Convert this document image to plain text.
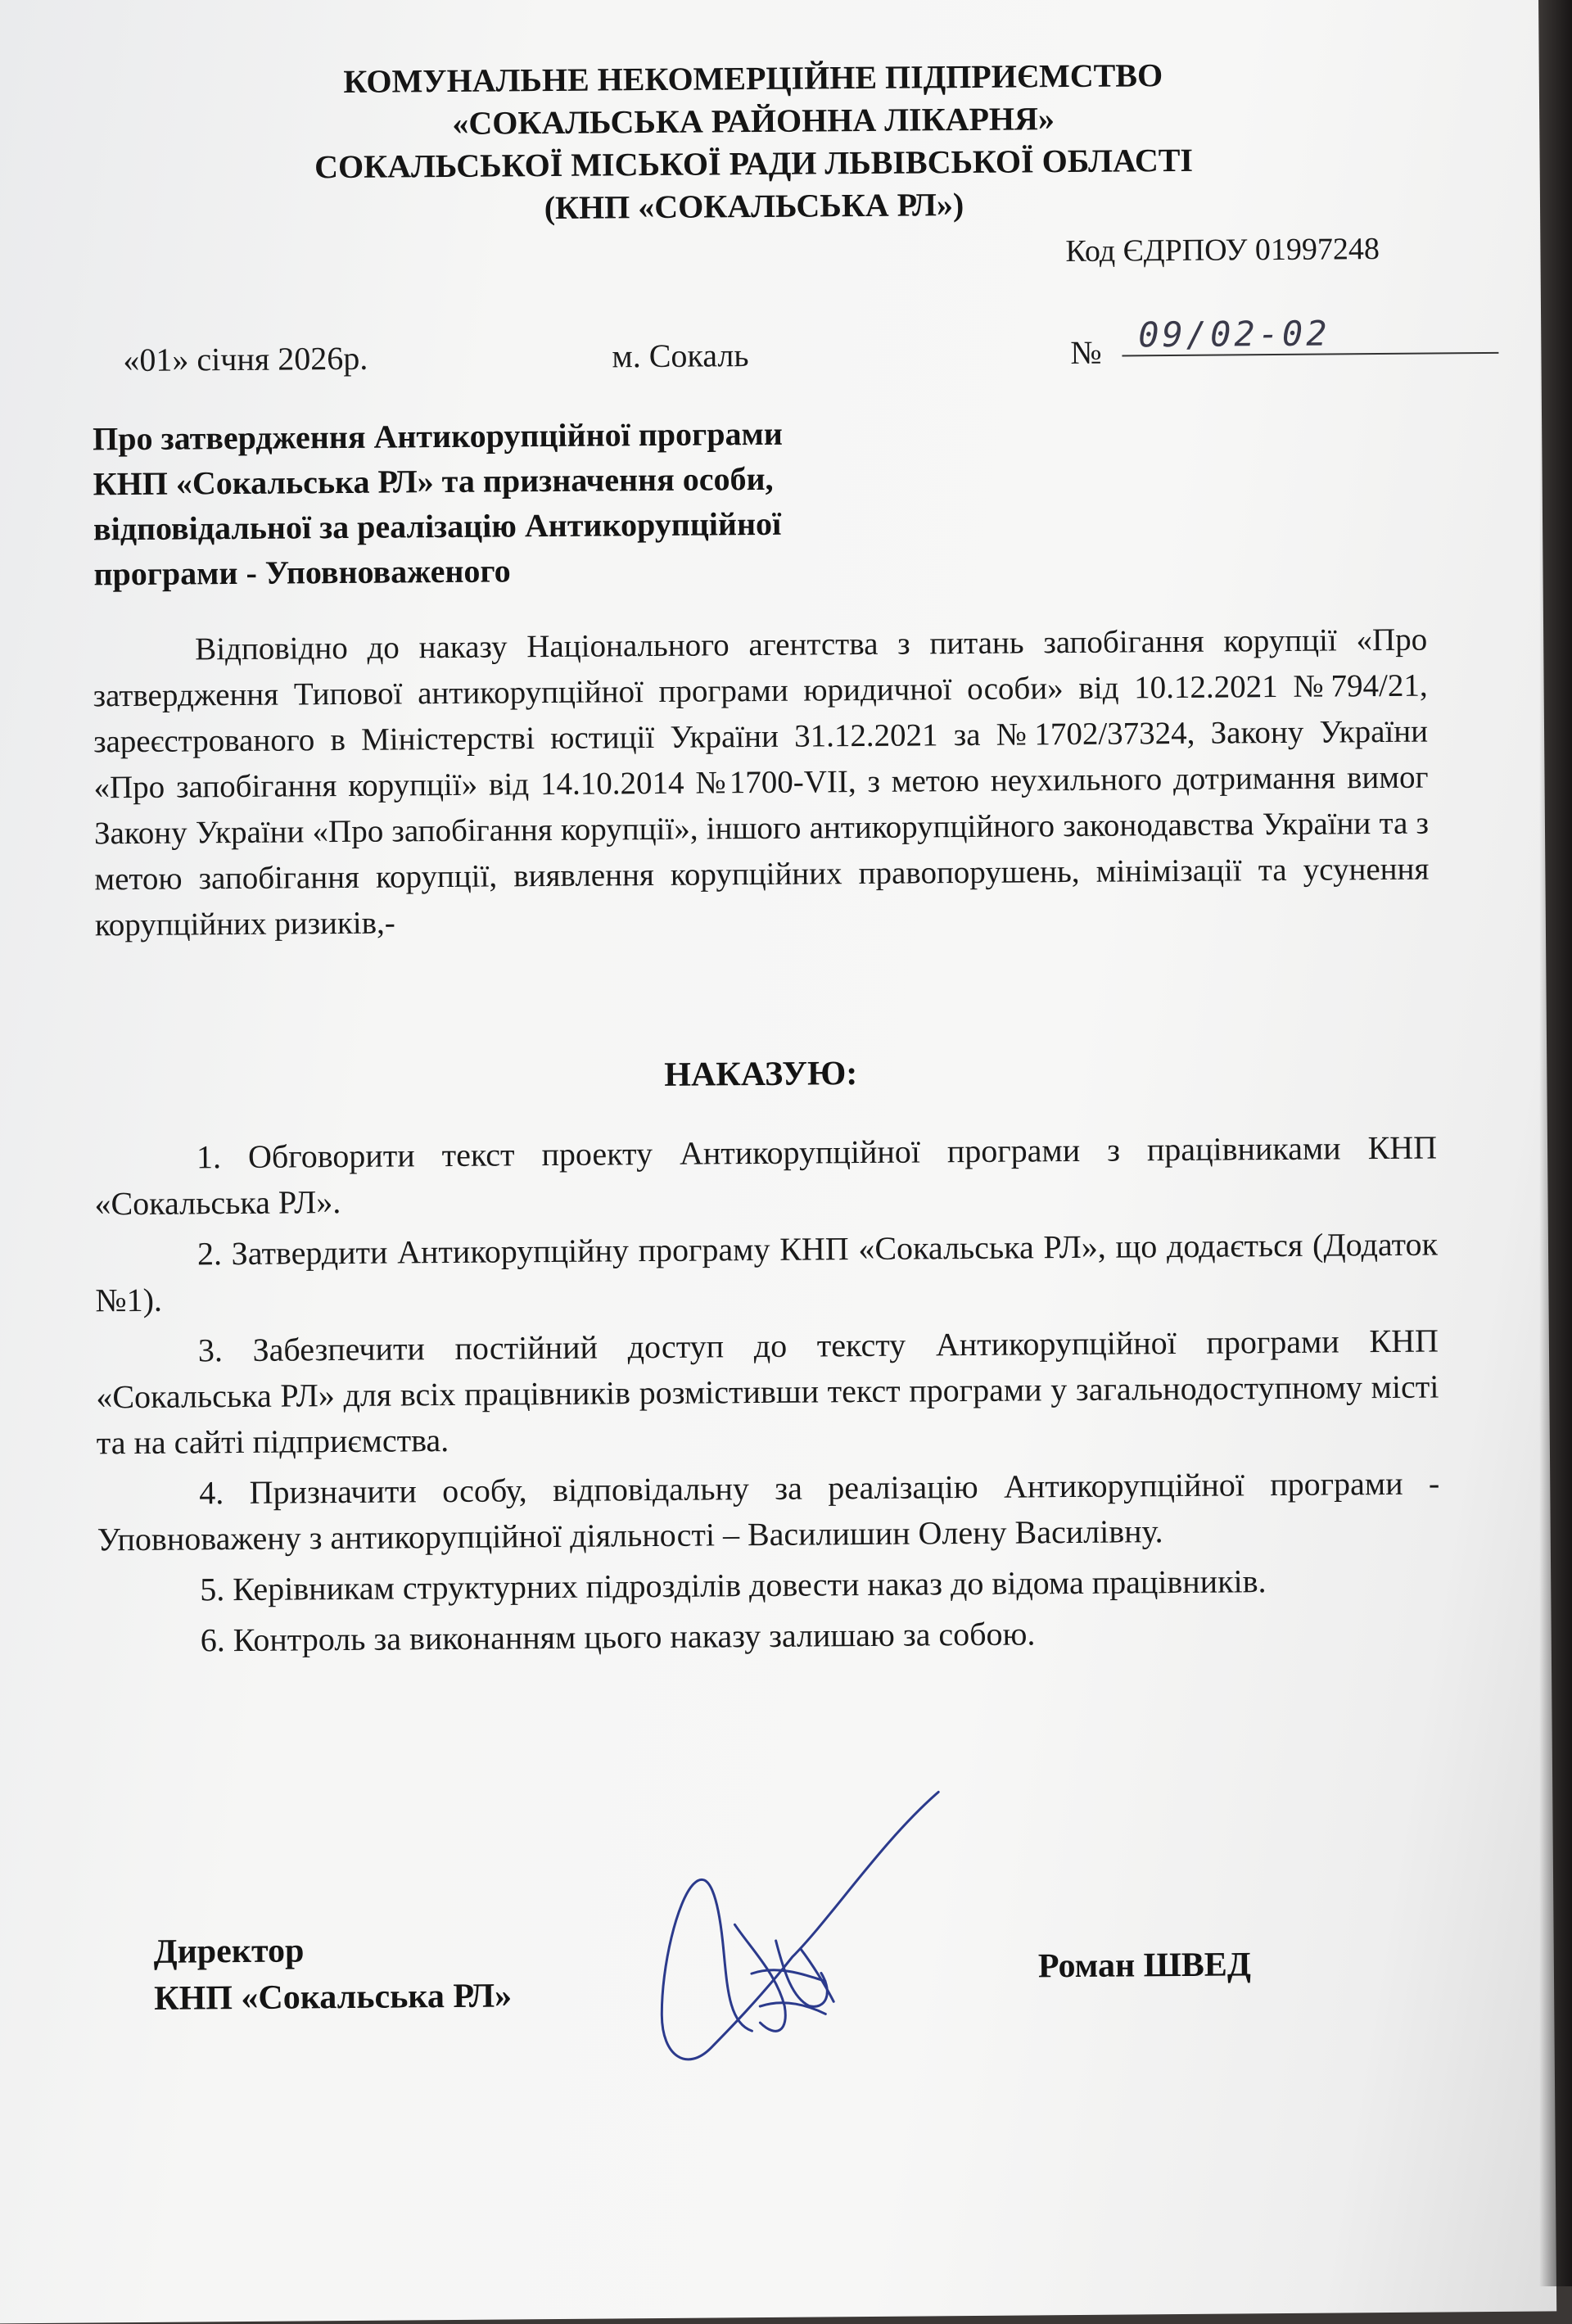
КОМУНАЛЬНЕ НЕКОМЕРЦІЙНЕ ПІДПРИЄМСТВО
«СОКАЛЬСЬКА РАЙОННА ЛІКАРНЯ»
СОКАЛЬСЬКОЇ МІСЬКОЇ РАДИ ЛЬВІВСЬКОЇ ОБЛАСТІ
(КНП «СОКАЛЬСЬКА РЛ»)
Код ЄДРПОУ 01997248
«01» січня 2026р.	м. Сокаль	№	09/02-02
Про затвердження Антикорупційної програми
КНП «Сокальська РЛ» та призначення особи,
відповідальної за реалізацію Антикорупційної
програми - Уповноваженого

Відповідно до наказу Національного агентства з питань запобігання корупції «Про затвердження Типової антикорупційної програми юридичної особи» від 10.12.2021 №794/21, зареєстрованого в Міністерстві юстиції України 31.12.2021 за №1702/37324, Закону України «Про запобігання корупції» від 14.10.2014 №1700-VII, з метою неухильного дотримання вимог Закону України «Про запобігання корупції», іншого антикорупційного законодавства України та з метою запобігання корупції, виявлення корупційних правопорушень, мінімізації та усунення корупційних ризиків,-

НАКАЗУЮ:

1. Обговорити текст проекту Антикорупційної програми з працівниками КНП «Сокальська РЛ».

2. Затвердити Антикорупційну програму КНП «Сокальська РЛ», що додається (Додаток №1).

3. Забезпечити постійний доступ до тексту Антикорупційної програми КНП «Сокальська РЛ» для всіх працівників розмістивши текст програми у загальнодоступному місті та на сайті підприємства.

4. Призначити особу, відповідальну за реалізацію Антикорупційної програми - Уповноважену з антикорупційної діяльності – Василишин Олену Василівну.

5. Керівникам структурних підрозділів довести наказ до відома працівників.

6. Контроль за виконанням цього наказу залишаю за собою.

Директор
КНП «Сокальська РЛ»
Роман ШВЕД
